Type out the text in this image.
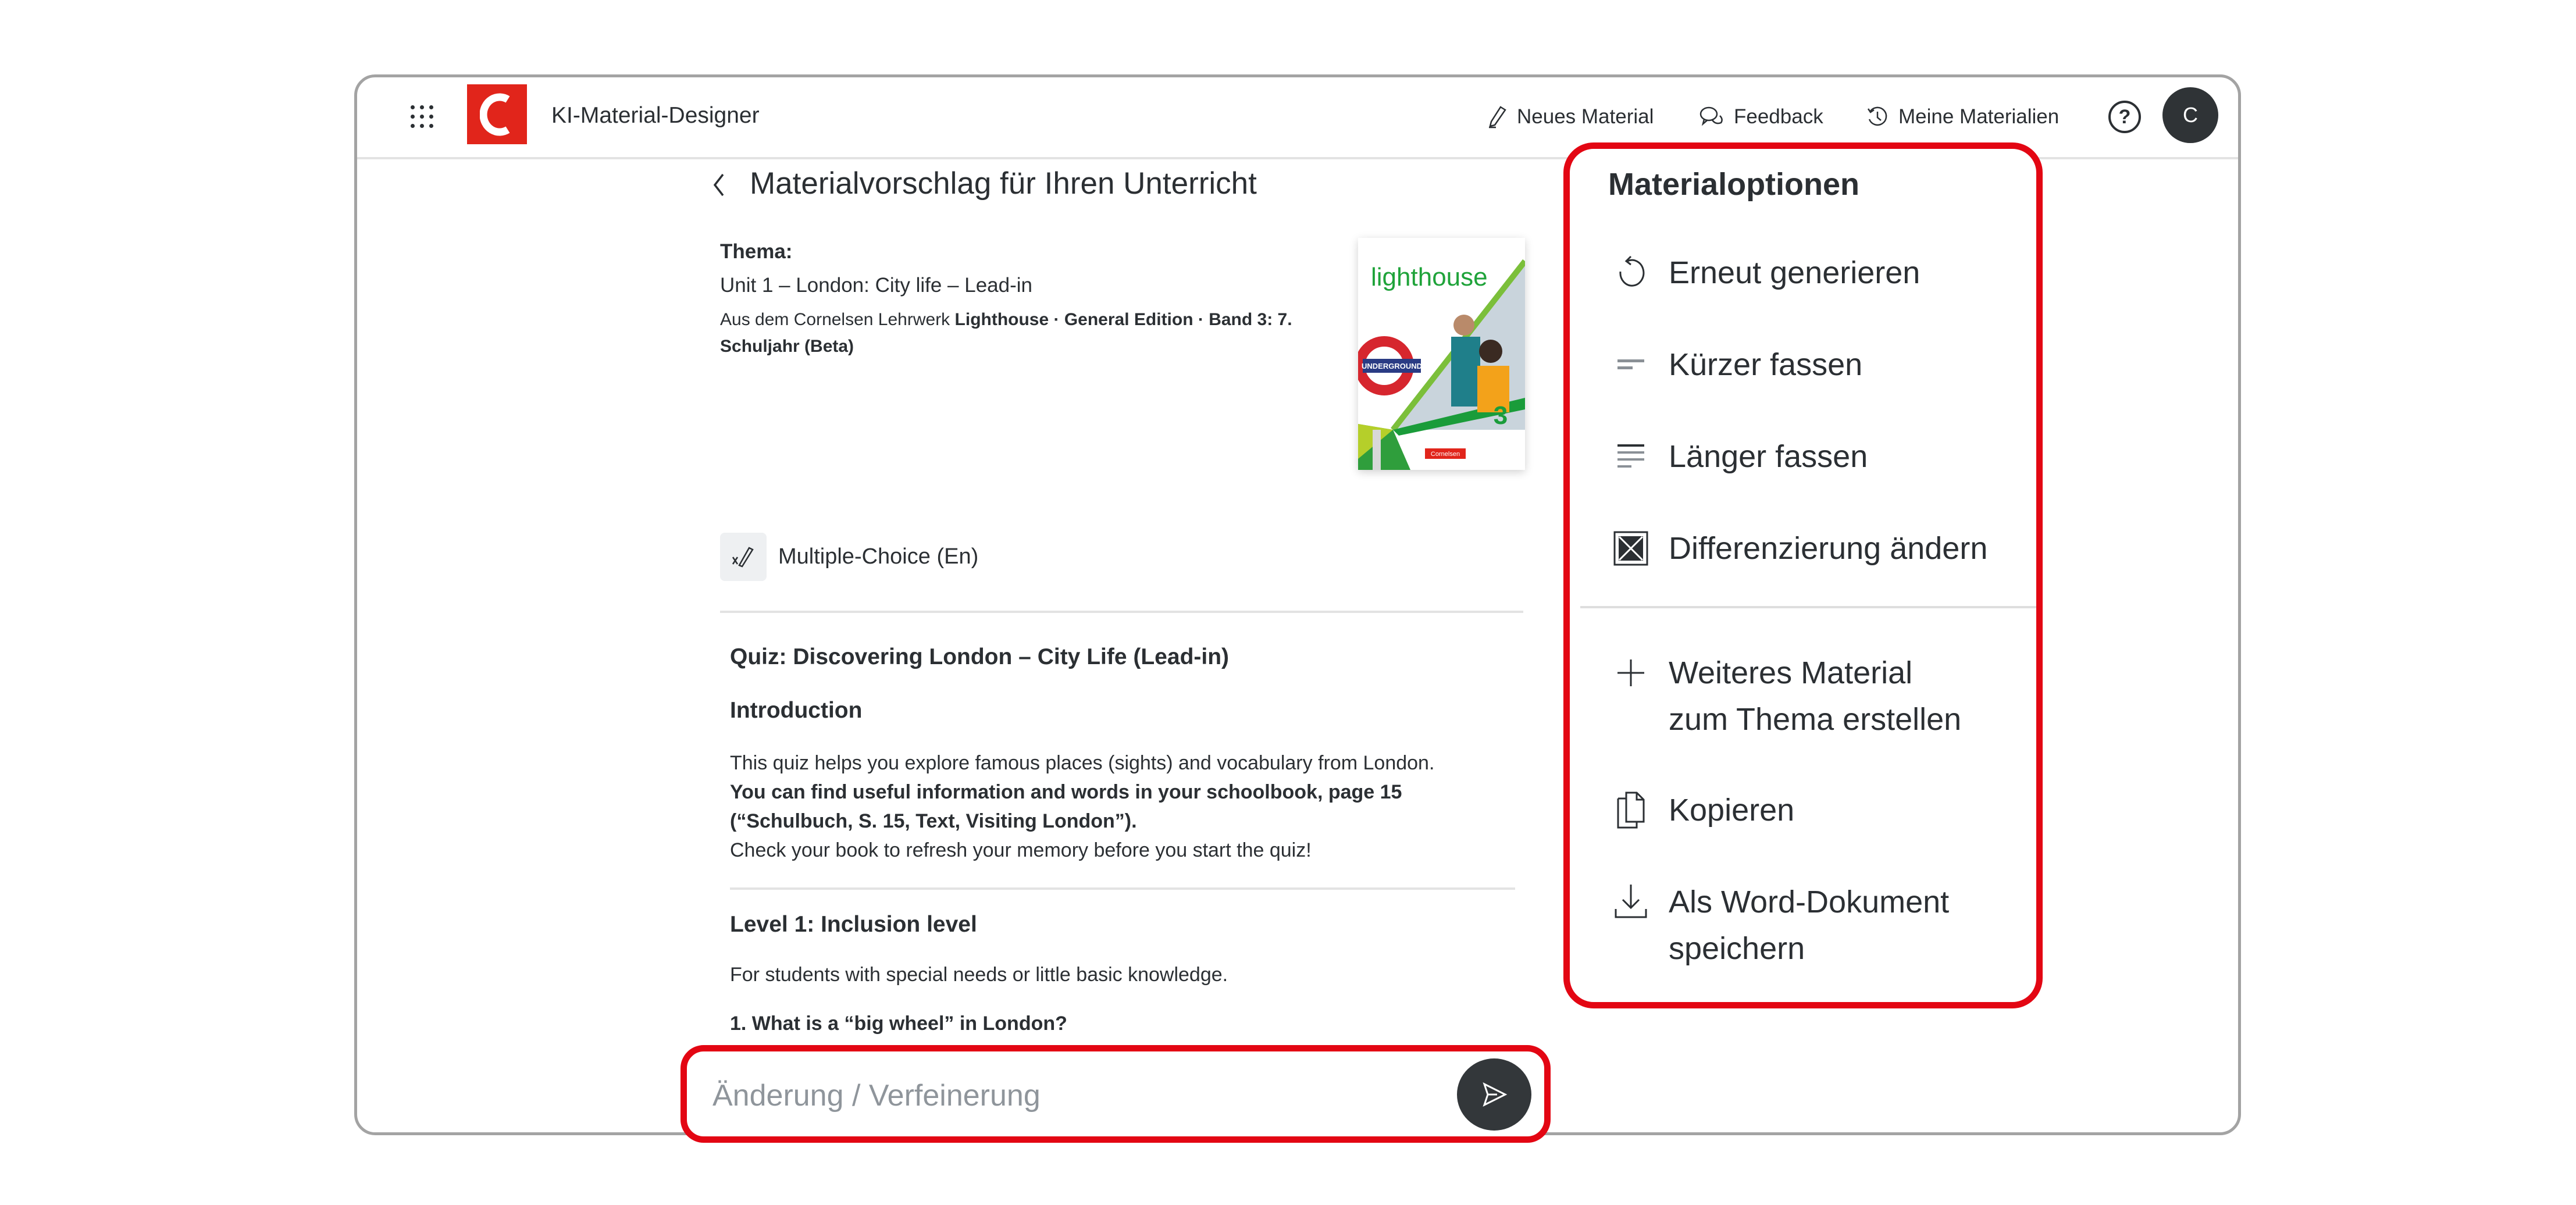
KI-Material-Designer	Neues Material	Feedback	Meine Materialien	? C
Materialvorschlag für Ihren Unterricht
Thema:
Unit 1 – London: City life – Lead-in
Aus dem Cornelsen Lehrwerk Lighthouse · General Edition · Band 3: 7. Schuljahr (Beta)
UNDERGROUND
3
Cornelsen
lighthouse
Multiple-Choice (En)
Quiz: Discovering London – City Life (Lead-in)
Introduction
This quiz helps you explore famous places (sights) and vocabulary from London.
You can find useful information and words in your schoolbook, page 15 (“Schulbuch, S. 15, Text, Visiting London”).
Check your book to refresh your memory before you start the quiz!
Level 1: Inclusion level
For students with special needs or little basic knowledge.
1. What is a “big wheel” in London?
Änderung / Verfeinerung
Materialoptionen
Erneut generieren
Kürzer fassen
Länger fassen
Differenzierung ändern
Weiteres Material zum Thema erstellen
Kopieren
Als Word-Dokument speichern
